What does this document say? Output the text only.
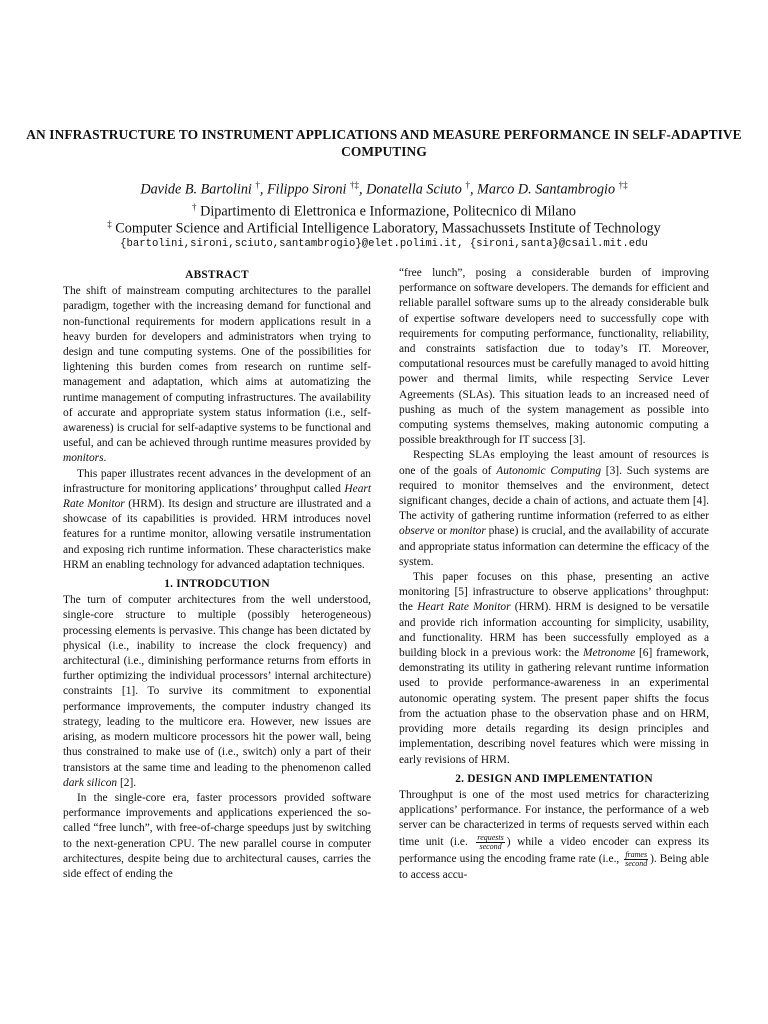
AN INFRASTRUCTURE TO INSTRUMENT APPLICATIONS AND MEASURE PERFORMANCE IN SELF-ADAPTIVE COMPUTING
Davide B. Bartolini †, Filippo Sironi †‡, Donatella Sciuto †, Marco D. Santambrogio †‡
† Dipartimento di Elettronica e Informazione, Politecnico di Milano
‡ Computer Science and Artificial Intelligence Laboratory, Massachussets Institute of Technology
{bartolini,sironi,sciuto,santambrogio}@elet.polimi.it, {sironi,santa}@csail.mit.edu
ABSTRACT

The shift of mainstream computing architectures to the parallel paradigm, together with the increasing demand for functional and non-functional requirements for modern applications result in a heavy burden for developers and administrators when trying to design and tune computing systems. One of the possibilities for lightening this burden comes from research on runtime self-management and adaptation, which aims at automatizing the runtime management of computing infrastructures. The availability of accurate and appropriate system status information (i.e., self-awareness) is crucial for self-adaptive systems to be functional and useful, and can be achieved through runtime measures provided by monitors.

This paper illustrates recent advances in the development of an infrastructure for monitoring applications’ throughput called Heart Rate Monitor (HRM). Its design and structure are illustrated and a showcase of its capabilities is provided. HRM introduces novel features for a runtime monitor, allowing versatile instrumentation and exposing rich runtime information. These characteristics make HRM an enabling technology for advanced adaptation techniques.

1. INTRODCUTION

The turn of computer architectures from the well understood, single-core structure to multiple (possibly heterogeneous) processing elements is pervasive. This change has been dictated by physical (i.e., inability to increase the clock frequency) and architectural (i.e., diminishing performance returns from efforts in further optimizing the individual processors’ internal architecture) constraints [1]. To survive its commitment to exponential performance improvements, the computer industry changed its strategy, leading to the multicore era. However, new issues are arising, as modern multicore processors hit the power wall, being thus constrained to make use of (i.e., switch) only a part of their transistors at the same time and leading to the phenomenon called dark silicon [2].

In the single-core era, faster processors provided software performance improvements and applications experienced the so-called “free lunch”, with free-of-charge speedups just by switching to the next-generation CPU. The new parallel course in computer architectures, despite being due to architectural causes, carries the side effect of ending the

“free lunch”, posing a considerable burden of improving performance on software developers. The demands for efficient and reliable parallel software sums up to the already considerable bulk of expertise software developers need to successfully cope with requirements for computing performance, functionality, reliability, and constraints satisfaction due to today’s IT. Moreover, computational resources must be carefully managed to avoid hitting power and thermal limits, while respecting Service Lever Agreements (SLAs). This situation leads to an increased need of pushing as much of the system management as possible into computing systems themselves, making autonomic computing a possible breakthrough for IT success [3].

Respecting SLAs employing the least amount of resources is one of the goals of Autonomic Computing [3]. Such systems are required to monitor themselves and the environment, detect significant changes, decide a chain of actions, and actuate them [4]. The activity of gathering runtime information (referred to as either observe or monitor phase) is crucial, and the availability of accurate and appropriate status information can determine the efficacy of the system.

This paper focuses on this phase, presenting an active monitoring [5] infrastructure to observe applications’ throughput: the Heart Rate Monitor (HRM). HRM is designed to be versatile and provide rich information accounting for simplicity, usability, and functionality. HRM has been successfully employed as a building block in a previous work: the Metronome [6] framework, demonstrating its utility in gathering relevant runtime information used to provide performance-awareness in an experimental autonomic operating system. The present paper shifts the focus from the actuation phase to the observation phase and on HRM, providing more details regarding its design principles and implementation, describing novel features which were missing in early revisions of HRM.

2. DESIGN AND IMPLEMENTATION

Throughput is one of the most used metrics for characterizing applications’ performance. For instance, the performance of a web server can be characterized in terms of requests served within each time unit (i.e. $\frac{\text{requests}}{\text{second}}$ ) while a video encoder can express its performance using the encoding frame rate (i.e., $\frac{\text{frames}}{\text{second}}$ ). Being able to access accu-
